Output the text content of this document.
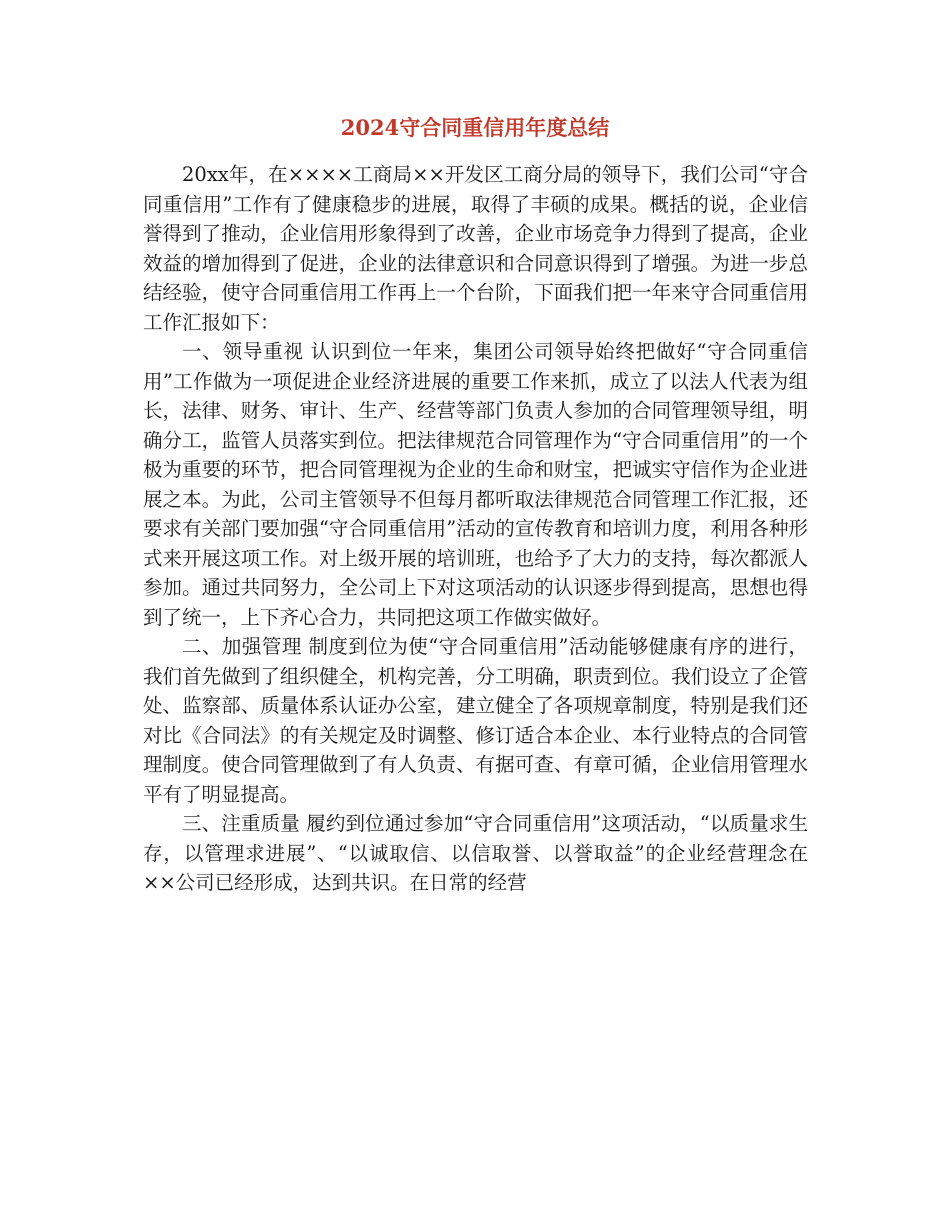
2024守合同重信用年度总结

20xx年，在××××工商局××开发区工商分局的领导下，我们公司“守合同重信用”工作有了健康稳步的进展，取得了丰硕的成果。概括的说，企业信誉得到了推动，企业信用形象得到了改善，企业市场竞争力得到了提高，企业效益的增加得到了促进，企业的法律意识和合同意识得到了增强。为进一步总结经验，使守合同重信用工作再上一个台阶，下面我们把一年来守合同重信用工作汇报如下：

一、领导重视 认识到位一年来，集团公司领导始终把做好“守合同重信用”工作做为一项促进企业经济进展的重要工作来抓，成立了以法人代表为组长，法律、财务、审计、生产、经营等部门负责人参加的合同管理领导组，明确分工，监管人员落实到位。把法律规范合同管理作为“守合同重信用”的一个极为重要的环节，把合同管理视为企业的生命和财宝，把诚实守信作为企业进展之本。为此，公司主管领导不但每月都听取法律规范合同管理工作汇报，还要求有关部门要加强“守合同重信用”活动的宣传教育和培训力度，利用各种形式来开展这项工作。对上级开展的培训班，也给予了大力的支持，每次都派人参加。通过共同努力，全公司上下对这项活动的认识逐步得到提高，思想也得到了统一，上下齐心合力，共同把这项工作做实做好。

二、加强管理 制度到位为使“守合同重信用”活动能够健康有序的进行，我们首先做到了组织健全，机构完善，分工明确，职责到位。我们设立了企管处、监察部、质量体系认证办公室，建立健全了各项规章制度，特别是我们还对比《合同法》的有关规定及时调整、修订适合本企业、本行业特点的合同管理制度。使合同管理做到了有人负责、有据可查、有章可循，企业信用管理水平有了明显提高。

三、注重质量 履约到位通过参加“守合同重信用”这项活动，“以质量求生存，以管理求进展”、“以诚取信、以信取誉、以誉取益”的企业经营理念在××公司已经形成，达到共识。在日常的经营
